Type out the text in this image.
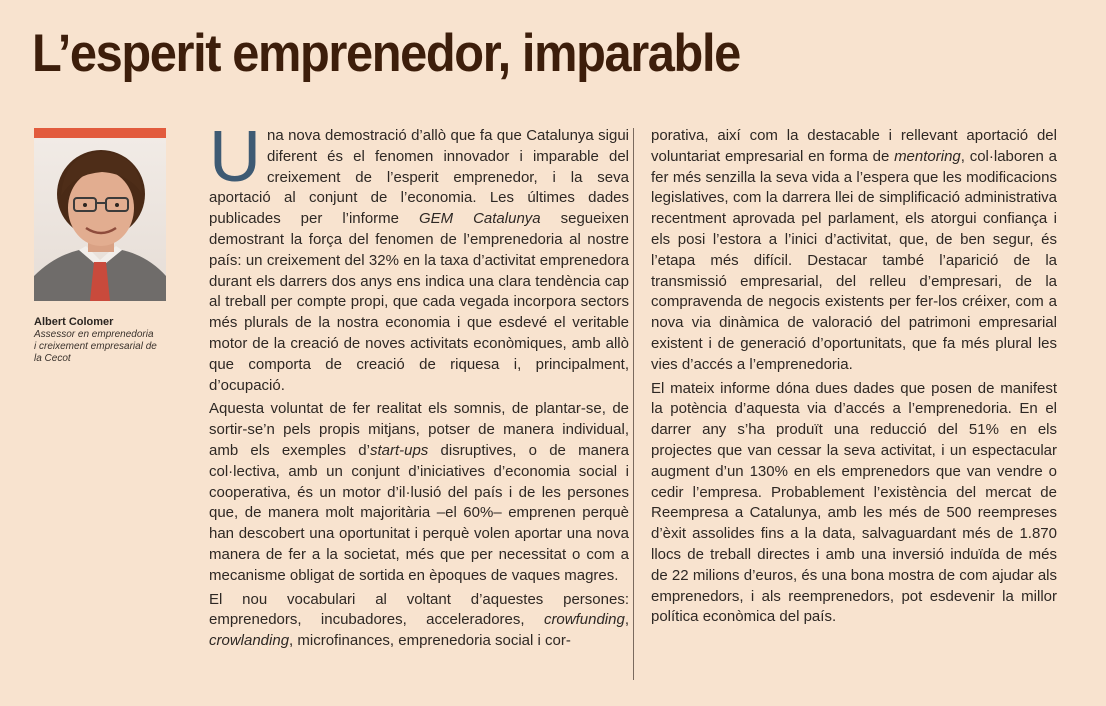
L’esperit emprenedor, imparable
Albert Colomer
Assessor en emprenedoria
i creixement empresarial de
la Cecot

Una nova demostració d’allò que fa que Catalunya sigui diferent és el fenomen innovador i imparable del creixement de l’esperit emprenedor, i la seva aportació al conjunt de l’economia. Les últimes dades publicades per l’informe GEM Catalunya segueixen demostrant la força del fenomen de l’emprenedoria al nostre país: un creixement del 32% en la taxa d’activitat emprenedora durant els darrers dos anys ens indica una clara tendència cap al treball per compte propi, que cada vegada incorpora sectors més plurals de la nostra economia i que esdevé el veritable motor de la creació de noves activitats econòmiques, amb allò que comporta de creació de riquesa i, principalment, d’ocupació.

Aquesta voluntat de fer realitat els somnis, de plantar-se, de sortir-se’n pels propis mitjans, potser de manera individual, amb els exemples d’start-ups disruptives, o de manera col·lectiva, amb un conjunt d’iniciatives d’economia social i cooperativa, és un motor d’il·lusió del país i de les persones que, de manera molt majoritària –el 60%– emprenen perquè han descobert una oportunitat i perquè volen aportar una nova manera de fer a la societat, més que per necessitat o com a mecanisme obligat de sortida en èpoques de vaques magres.

El nou vocabulari al voltant d’aquestes persones: emprenedors, incubadores, acceleradores, crowfunding, crowlanding, microfinances, emprenedoria social i cor-

porativa, així com la destacable i rellevant aportació del voluntariat empresarial en forma de mentoring, col·laboren a fer més senzilla la seva vida a l’espera que les modificacions legislatives, com la darrera llei de simplificació administrativa recentment aprovada pel parlament, els atorgui confiança i els posi l’estora a l’inici d’activitat, que, de ben segur, és l’etapa més difícil. Destacar també l’aparició de la transmissió empresarial, del relleu d’empresari, de la compravenda de negocis existents per fer-los créixer, com a nova via dinàmica de valoració del patrimoni empresarial existent i de generació d’oportunitats, que fa més plural les vies d’accés a l’emprenedoria.

El mateix informe dóna dues dades que posen de manifest la potència d’aquesta via d’accés a l’emprenedoria. En el darrer any s’ha produït una reducció del 51% en els projectes que van cessar la seva activitat, i un espectacular augment d’un 130% en els emprenedors que van vendre o cedir l’empresa. Probablement l’existència del mercat de Reempresa a Catalunya, amb les més de 500 reempreses d’èxit assolides fins a la data, salvaguardant més de 1.870 llocs de treball directes i amb una inversió induïda de més de 22 milions d’euros, és una bona mostra de com ajudar als emprenedors, i als reemprenedors, pot esdevenir la millor política econòmica del país.
